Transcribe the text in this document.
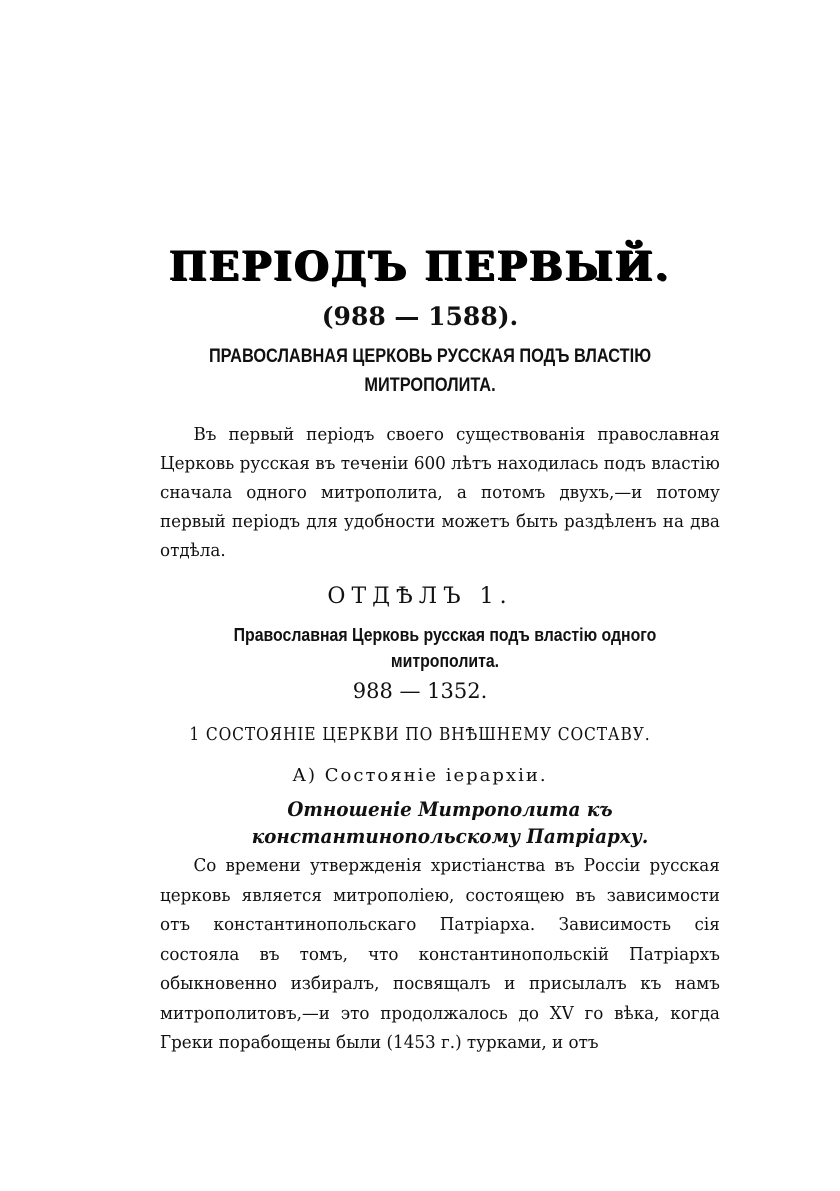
ПЕРІОДЪ ПЕРВЫЙ.
(988 — 1588).
ПРАВОСЛАВНАЯ ЦЕРКОВЬ РУССКАЯ ПОДЪ ВЛАСТІЮ МИТРОПОЛИТА.

Въ первый періодъ своего существованія православная Церковь русская въ теченіи 600 лѣтъ находилась подъ властію сначала одного митрополита, а потомъ двухъ,—и потому первый періодъ для удобности можетъ быть раздѣленъ на два отдѣла.

ОТДѢЛЪ 1.
Православная Церковь русская подъ властію одного митрополита.
988 — 1352.
1 СОСТОЯНІЕ ЦЕРКВИ ПО ВНѢШНЕМУ СОСТАВУ.
А) Состояніе іерархіи.
Отношеніе Митрополита къ константинопольскому Патріарху.

Со времени утвержденія христіанства въ Россіи русская церковь является митрополіею, состоящею въ зависимости отъ константинопольскаго Патріарха. Зависимость сія состояла въ томъ, что константинопольскій Патріархъ обыкновенно избиралъ, посвящалъ и присылалъ къ намъ митрополитовъ,—и это продолжалось до XV го вѣка, когда Греки порабощены были (1453 г.) турками, и отъ
